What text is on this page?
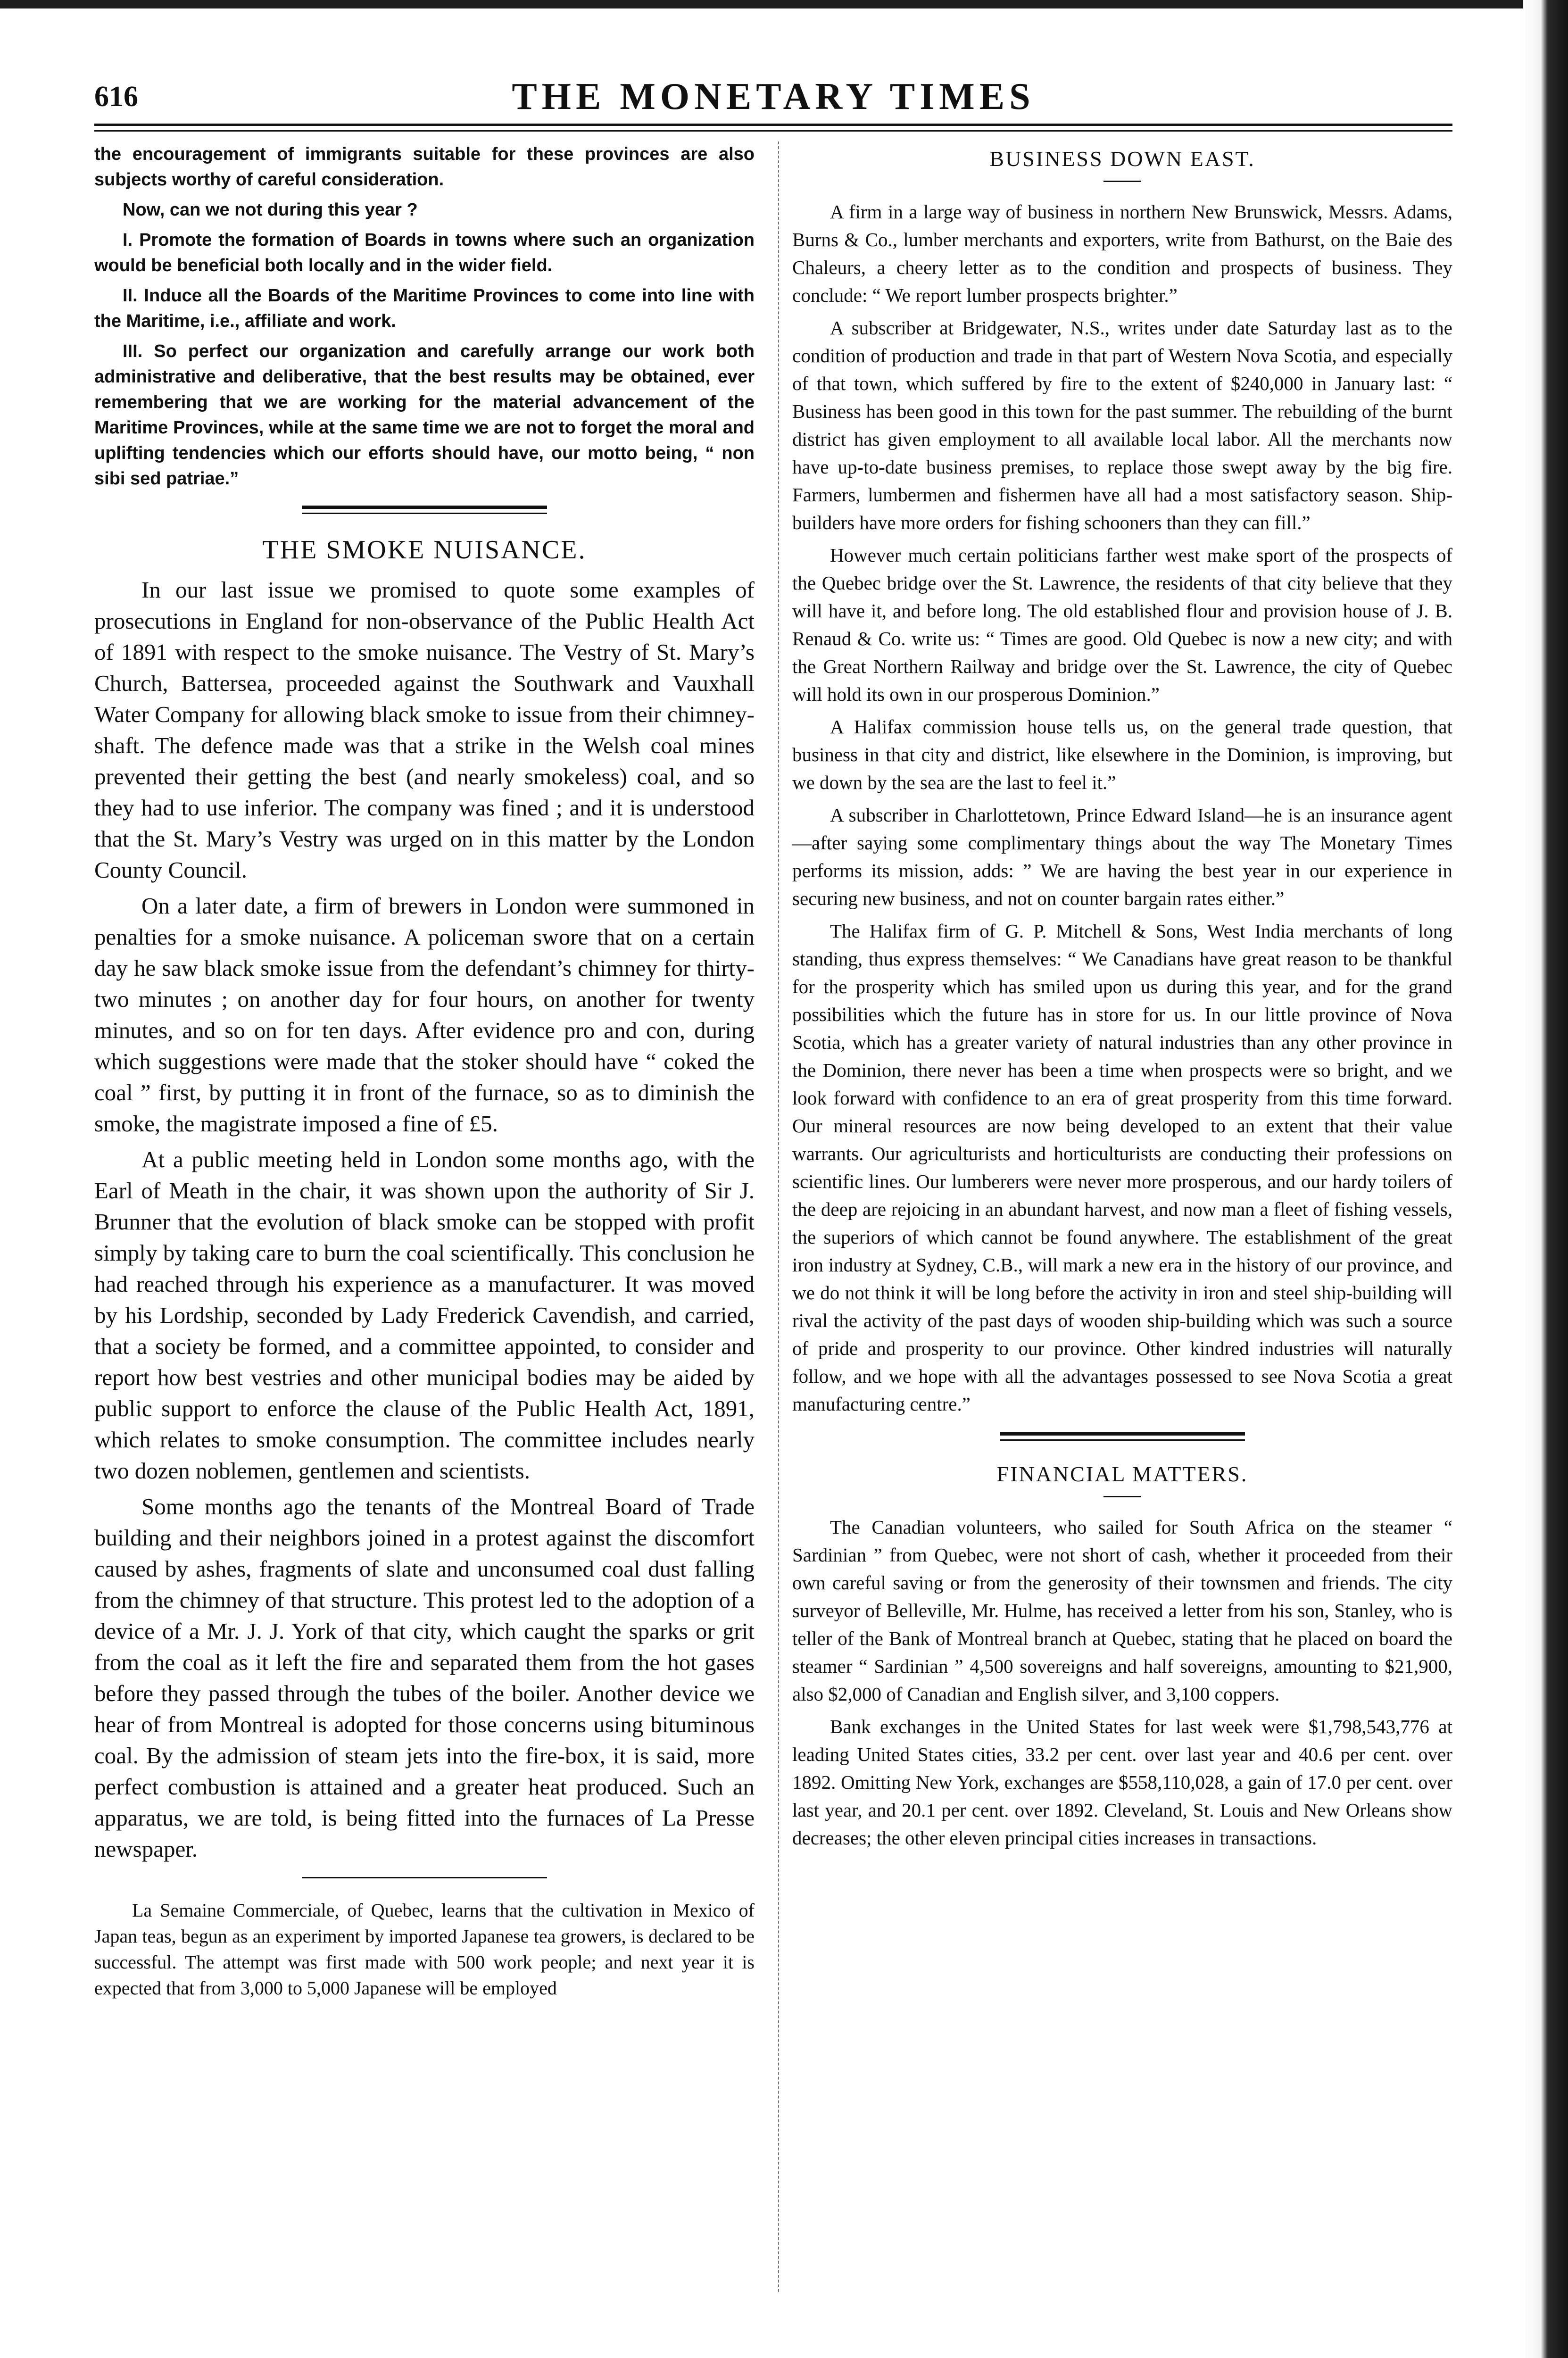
616	THE MONETARY TIMES

the encouragement of immigrants suitable for these provinces are also subjects worthy of careful consideration.

Now, can we not during this year ?

I. Promote the formation of Boards in towns where such an organization would be beneficial both locally and in the wider field.

II. Induce all the Boards of the Maritime Provinces to come into line with the Maritime, i.e., affiliate and work.

III. So perfect our organization and carefully arrange our work both administrative and deliberative, that the best results may be obtained, ever remembering that we are working for the material advancement of the Maritime Provinces, while at the same time we are not to forget the moral and uplifting tendencies which our efforts should have, our motto being, “ non sibi sed patriae.”

THE SMOKE NUISANCE.

In our last issue we promised to quote some examples of prosecutions in England for non-observance of the Public Health Act of 1891 with respect to the smoke nuisance. The Vestry of St. Mary’s Church, Battersea, proceeded against the Southwark and Vauxhall Water Company for allowing black smoke to issue from their chimney-shaft. The defence made was that a strike in the Welsh coal mines prevented their getting the best (and nearly smokeless) coal, and so they had to use inferior. The company was fined ; and it is understood that the St. Mary’s Vestry was urged on in this matter by the London County Council.

On a later date, a firm of brewers in London were summoned in penalties for a smoke nuisance. A policeman swore that on a certain day he saw black smoke issue from the defendant’s chimney for thirty-two minutes ; on another day for four hours, on another for twenty minutes, and so on for ten days. After evidence pro and con, during which suggestions were made that the stoker should have “ coked the coal ” first, by putting it in front of the furnace, so as to diminish the smoke, the magistrate imposed a fine of £5.

At a public meeting held in London some months ago, with the Earl of Meath in the chair, it was shown upon the authority of Sir J. Brunner that the evolution of black smoke can be stopped with profit simply by taking care to burn the coal scientifically. This conclusion he had reached through his experience as a manufacturer. It was moved by his Lordship, seconded by Lady Frederick Cavendish, and carried, that a society be formed, and a committee appointed, to consider and report how best vestries and other municipal bodies may be aided by public support to enforce the clause of the Public Health Act, 1891, which relates to smoke consumption. The committee includes nearly two dozen noblemen, gentlemen and scientists.

Some months ago the tenants of the Montreal Board of Trade building and their neighbors joined in a protest against the discomfort caused by ashes, fragments of slate and unconsumed coal dust falling from the chimney of that structure. This protest led to the adoption of a device of a Mr. J. J. York of that city, which caught the sparks or grit from the coal as it left the fire and separated them from the hot gases before they passed through the tubes of the boiler. Another device we hear of from Montreal is adopted for those concerns using bituminous coal. By the admission of steam jets into the fire-box, it is said, more perfect combustion is attained and a greater heat produced. Such an apparatus, we are told, is being fitted into the furnaces of La Presse newspaper.

La Semaine Commerciale, of Quebec, learns that the cultivation in Mexico of Japan teas, begun as an experiment by imported Japanese tea growers, is declared to be successful. The attempt was first made with 500 work people; and next year it is expected that from 3,000 to 5,000 Japanese will be employed

BUSINESS DOWN EAST.

A firm in a large way of business in northern New Brunswick, Messrs. Adams, Burns & Co., lumber merchants and exporters, write from Bathurst, on the Baie des Chaleurs, a cheery letter as to the condition and prospects of business. They conclude: “ We report lumber prospects brighter.”

A subscriber at Bridgewater, N.S., writes under date Saturday last as to the condition of production and trade in that part of Western Nova Scotia, and especially of that town, which suffered by fire to the extent of $240,000 in January last: “ Business has been good in this town for the past summer. The rebuilding of the burnt district has given employment to all available local labor. All the merchants now have up-to-date business premises, to replace those swept away by the big fire. Farmers, lumbermen and fishermen have all had a most satisfactory season. Ship-builders have more orders for fishing schooners than they can fill.”

However much certain politicians farther west make sport of the prospects of the Quebec bridge over the St. Lawrence, the residents of that city believe that they will have it, and before long. The old established flour and provision house of J. B. Renaud & Co. write us: “ Times are good. Old Quebec is now a new city; and with the Great Northern Railway and bridge over the St. Lawrence, the city of Quebec will hold its own in our prosperous Dominion.”

A Halifax commission house tells us, on the general trade question, that business in that city and district, like elsewhere in the Dominion, is improving, but we down by the sea are the last to feel it.”

A subscriber in Charlottetown, Prince Edward Island—he is an insurance agent—after saying some complimentary things about the way The Monetary Times performs its mission, adds: ” We are having the best year in our experience in securing new business, and not on counter bargain rates either.”

The Halifax firm of G. P. Mitchell & Sons, West India merchants of long standing, thus express themselves: “ We Canadians have great reason to be thankful for the prosperity which has smiled upon us during this year, and for the grand possibilities which the future has in store for us. In our little province of Nova Scotia, which has a greater variety of natural industries than any other province in the Dominion, there never has been a time when prospects were so bright, and we look forward with confidence to an era of great prosperity from this time forward. Our mineral resources are now being developed to an extent that their value warrants. Our agriculturists and horticulturists are conducting their professions on scientific lines. Our lumberers were never more prosperous, and our hardy toilers of the deep are rejoicing in an abundant harvest, and now man a fleet of fishing vessels, the superiors of which cannot be found anywhere. The establishment of the great iron industry at Sydney, C.B., will mark a new era in the history of our province, and we do not think it will be long before the activity in iron and steel ship-building will rival the activity of the past days of wooden ship-building which was such a source of pride and prosperity to our province. Other kindred industries will naturally follow, and we hope with all the advantages possessed to see Nova Scotia a great manufacturing centre.”

FINANCIAL MATTERS.

The Canadian volunteers, who sailed for South Africa on the steamer “ Sardinian ” from Quebec, were not short of cash, whether it proceeded from their own careful saving or from the generosity of their townsmen and friends. The city surveyor of Belleville, Mr. Hulme, has received a letter from his son, Stanley, who is teller of the Bank of Montreal branch at Quebec, stating that he placed on board the steamer “ Sardinian ” 4,500 sovereigns and half sovereigns, amounting to $21,900, also $2,000 of Canadian and English silver, and 3,100 coppers.

Bank exchanges in the United States for last week were $1,798,543,776 at leading United States cities, 33.2 per cent. over last year and 40.6 per cent. over 1892. Omitting New York, exchanges are $558,110,028, a gain of 17.0 per cent. over last year, and 20.1 per cent. over 1892. Cleveland, St. Louis and New Orleans show decreases; the other eleven principal cities increases in transactions.
